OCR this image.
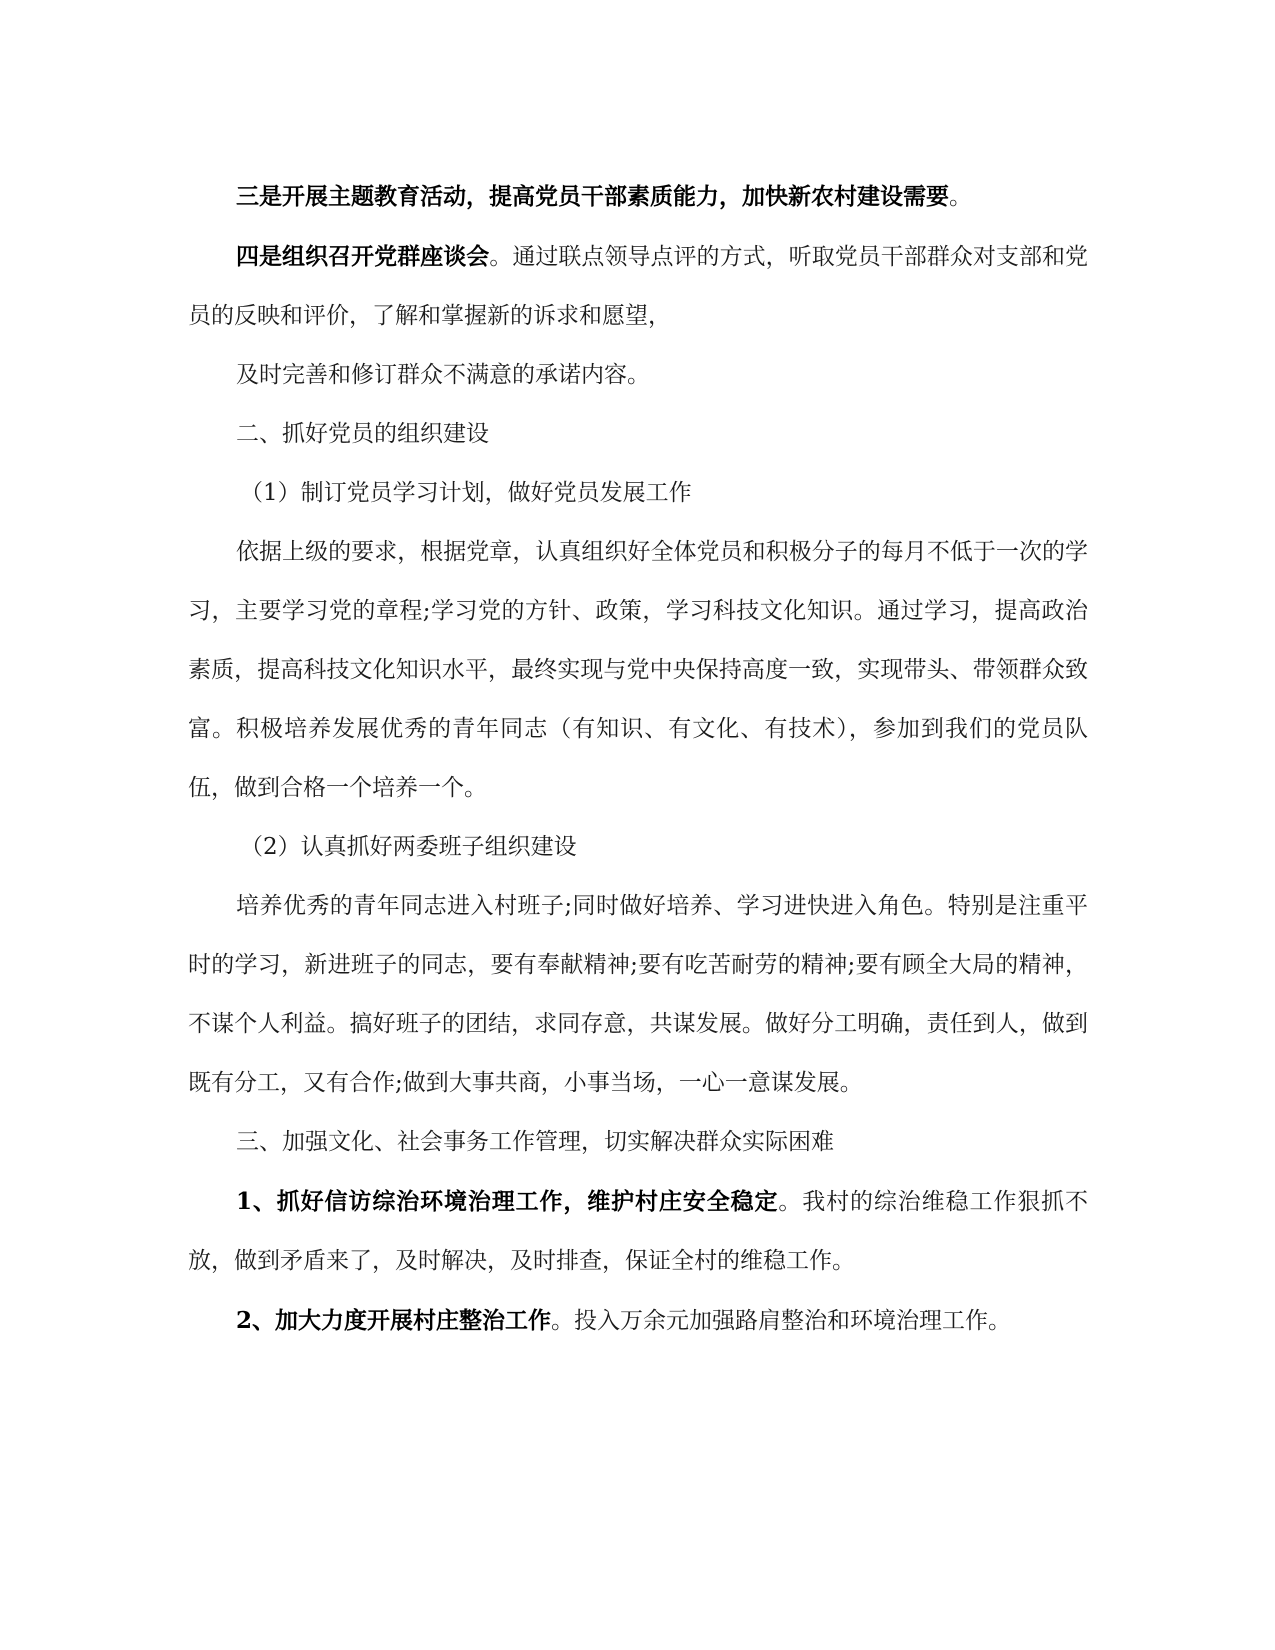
三是开展主题教育活动，提高党员干部素质能力，加快新农村建设需要。

四是组织召开党群座谈会。通过联点领导点评的方式，听取党员干部群众对支部和党员的反映和评价，了解和掌握新的诉求和愿望，

及时完善和修订群众不满意的承诺内容。

二、抓好党员的组织建设

（1）制订党员学习计划，做好党员发展工作

依据上级的要求，根据党章，认真组织好全体党员和积极分子的每月不低于一次的学习，主要学习党的章程;学习党的方针、政策，学习科技文化知识。通过学习，提高政治素质，提高科技文化知识水平，最终实现与党中央保持高度一致，实现带头、带领群众致富。积极培养发展优秀的青年同志（有知识、有文化、有技术），参加到我们的党员队伍，做到合格一个培养一个。

（2）认真抓好两委班子组织建设

培养优秀的青年同志进入村班子;同时做好培养、学习进快进入角色。特别是注重平时的学习，新进班子的同志，要有奉献精神;要有吃苦耐劳的精神;要有顾全大局的精神，不谋个人利益。搞好班子的团结，求同存意，共谋发展。做好分工明确，责任到人，做到既有分工，又有合作;做到大事共商，小事当场，一心一意谋发展。

三、加强文化、社会事务工作管理，切实解决群众实际困难

1、抓好信访综治环境治理工作，维护村庄安全稳定。我村的综治维稳工作狠抓不放，做到矛盾来了，及时解决，及时排查，保证全村的维稳工作。

2、加大力度开展村庄整治工作。投入万余元加强路肩整治和环境治理工作。
